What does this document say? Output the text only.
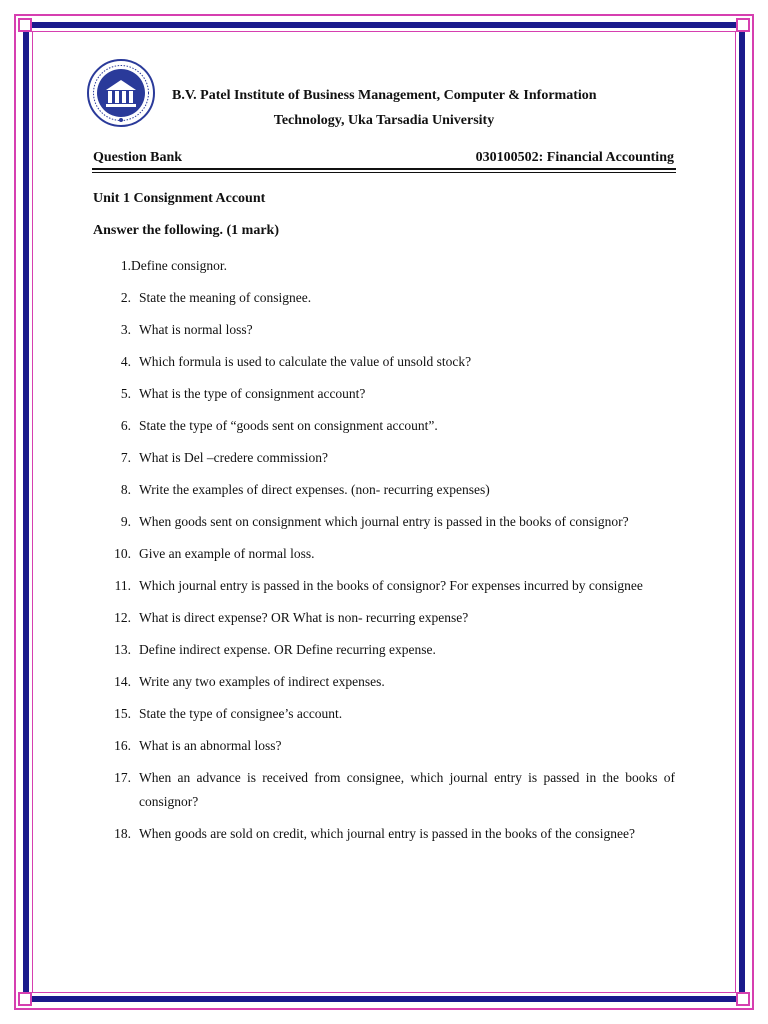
B.V. Patel Institute of Business Management, Computer & Information
Technology, Uka Tarsadia University
Question Bank	030100502: Financial Accounting
Unit 1 Consignment Account
Answer the following. (1 mark)
1. Define consignor.
2. State the meaning of consignee.
3. What is normal loss?
4. Which formula is used to calculate the value of unsold stock?
5. What is the type of consignment account?
6. State the type of “goods sent on consignment account”.
7. What is Del –credere commission?
8. Write the examples of direct expenses. (non- recurring expenses)
9. When goods sent on consignment which journal entry is passed in the books of consignor?
10. Give an example of normal loss.
11. Which journal entry is passed in the books of consignor? For expenses incurred by consignee
12. What is direct expense? OR What is non- recurring expense?
13. Define indirect expense. OR Define recurring expense.
14. Write any two examples of indirect expenses.
15. State the type of consignee’s account.
16. What is an abnormal loss?
17. When an advance is received from consignee, which journal entry is passed in the books of consignor?
18. When goods are sold on credit, which journal entry is passed in the books of the consignee?
